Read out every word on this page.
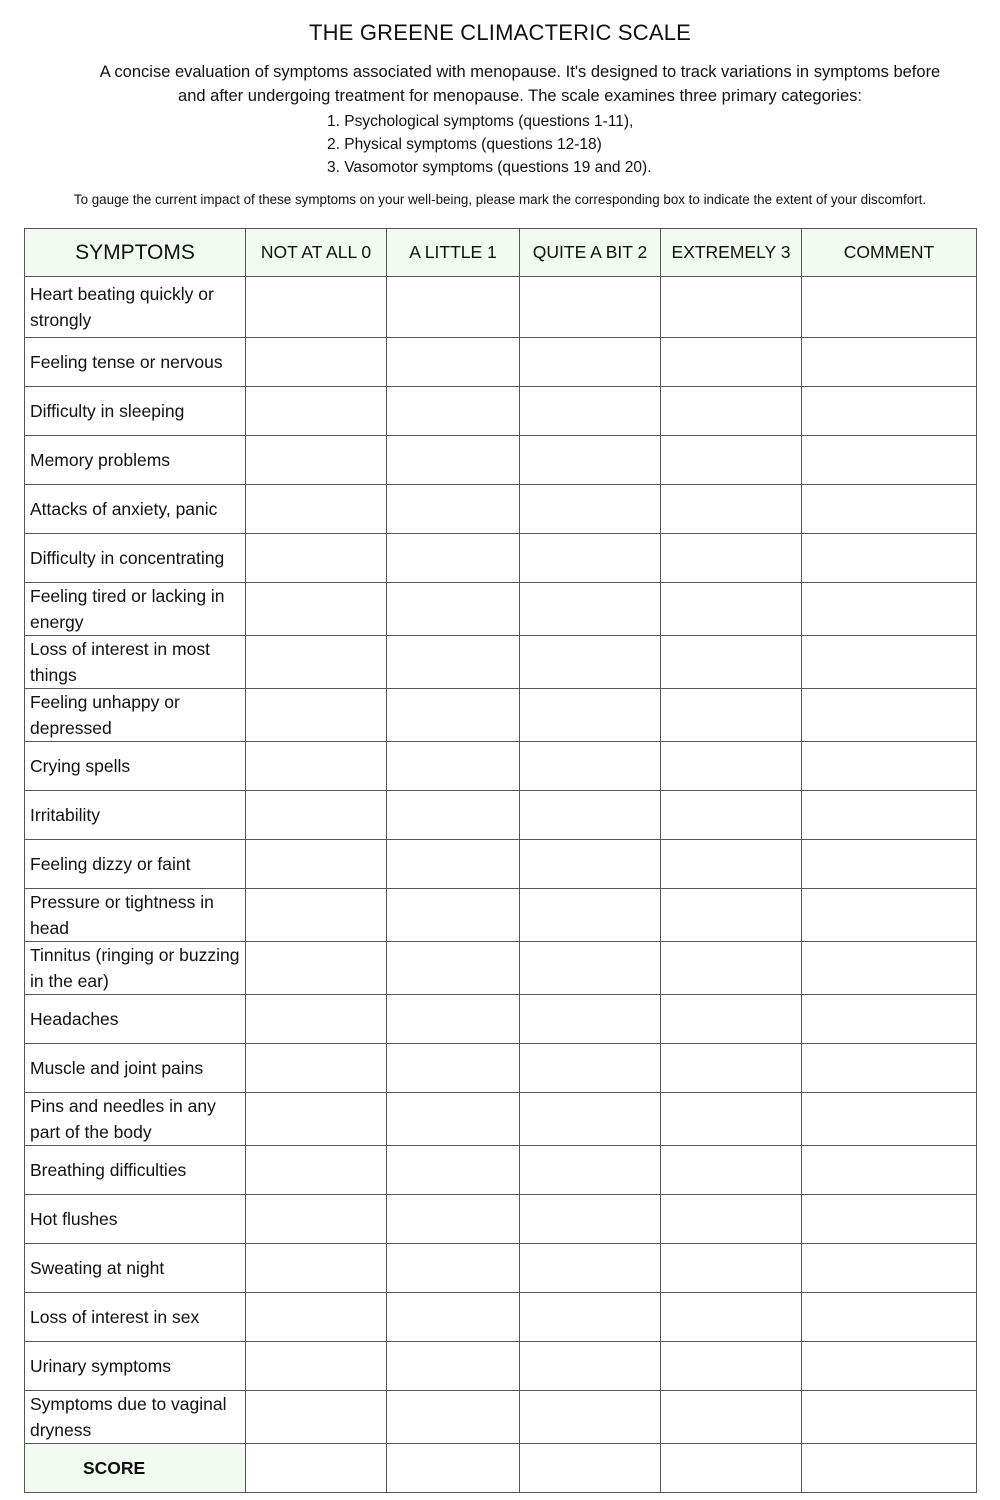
THE GREENE CLIMACTERIC SCALE
A concise evaluation of symptoms associated with menopause. It's designed to track variations in symptoms before and after undergoing treatment for menopause. The scale examines three primary categories:
1. Psychological symptoms (questions 1-11),
2. Physical symptoms (questions 12-18)
3. Vasomotor symptoms (questions 19 and 20).
To gauge the current impact of these symptoms on your well-being, please mark the corresponding box to indicate the extent of your discomfort.
SYMPTOMS	NOT AT ALL 0	A LITTLE 1	QUITE A BIT 2	EXTREMELY 3	COMMENT
Heart beating quickly or strongly					
Feeling tense or nervous					
Difficulty in sleeping					
Memory problems					
Attacks of anxiety, panic					
Difficulty in concentrating					
Feeling tired or lacking in energy					
Loss of interest in most things					
Feeling unhappy or depressed					
Crying spells					
Irritability					
Feeling dizzy or faint					
Pressure or tightness in head					
Tinnitus (ringing or buzzing in the ear)					
Headaches					
Muscle and joint pains					
Pins and needles in any part of the body					
Breathing difficulties					
Hot flushes					
Sweating at night					
Loss of interest in sex					
Urinary symptoms					
Symptoms due to vaginal dryness					
SCORE					
